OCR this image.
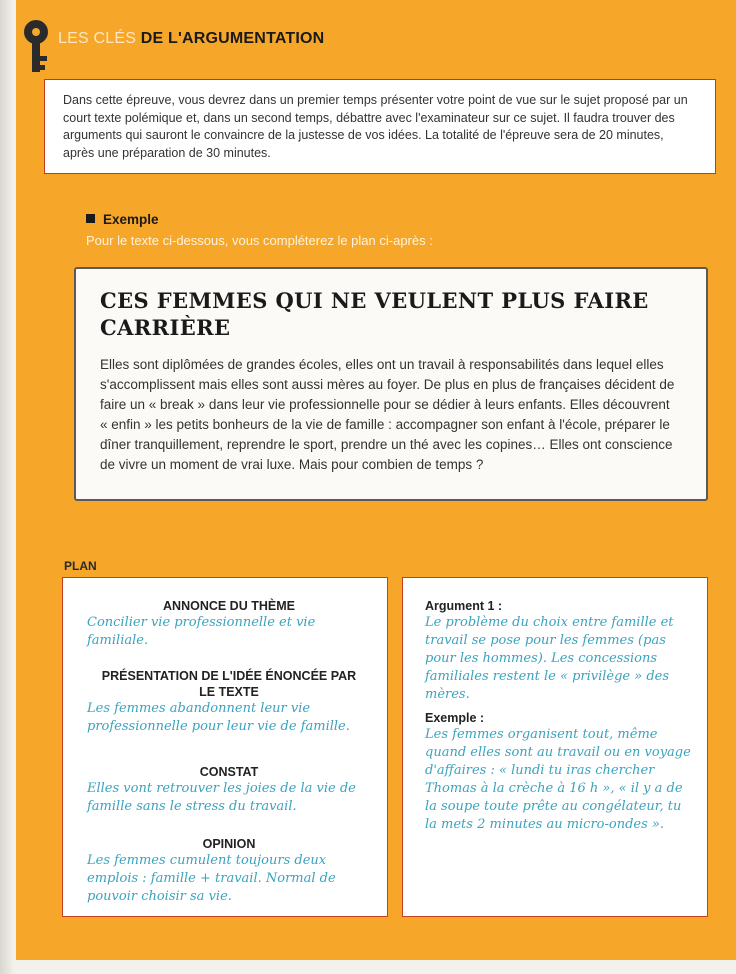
LES CLÉS DE L'ARGUMENTATION
Dans cette épreuve, vous devrez dans un premier temps présenter votre point de vue sur le sujet proposé par un court texte polémique et, dans un second temps, débattre avec l'examinateur sur ce sujet. Il faudra trouver des arguments qui sauront le convaincre de la justesse de vos idées. La totalité de l'épreuve sera de 20 minutes, après une préparation de 30 minutes.
Exemple
Pour le texte ci-dessous, vous compléterez le plan ci-après :
CES FEMMES QUI NE VEULENT PLUS FAIRE CARRIÈRE
Elles sont diplômées de grandes écoles, elles ont un travail à responsabilités dans lequel elles s'accomplissent mais elles sont aussi mères au foyer. De plus en plus de françaises décident de faire un « break » dans leur vie professionnelle pour se dédier à leurs enfants. Elles découvrent « enfin » les petits bonheurs de la vie de famille : accompagner son enfant à l'école, préparer le dîner tranquillement, reprendre le sport, prendre un thé avec les copines… Elles ont conscience de vivre un moment de vrai luxe. Mais pour combien de temps ?
PLAN
ANNONCE DU THÈME
Concilier vie professionnelle et vie familiale.
PRÉSENTATION DE L'IDÉE ÉNONCÉE PAR LE TEXTE
Les femmes abandonnent leur vie professionnelle pour leur vie de famille.
CONSTAT
Elles vont retrouver les joies de la vie de famille sans le stress du travail.
OPINION
Les femmes cumulent toujours deux emplois : famille + travail. Normal de pouvoir choisir sa vie.
Argument 1 :
Le problème du choix entre famille et travail se pose pour les femmes (pas pour les hommes). Les concessions familiales restent le « privilège » des mères.
Exemple :
Les femmes organisent tout, même quand elles sont au travail ou en voyage d'affaires : « lundi tu iras chercher Thomas à la crèche à 16 h », « il y a de la soupe toute prête au congélateur, tu la mets 2 minutes au micro-ondes ».
